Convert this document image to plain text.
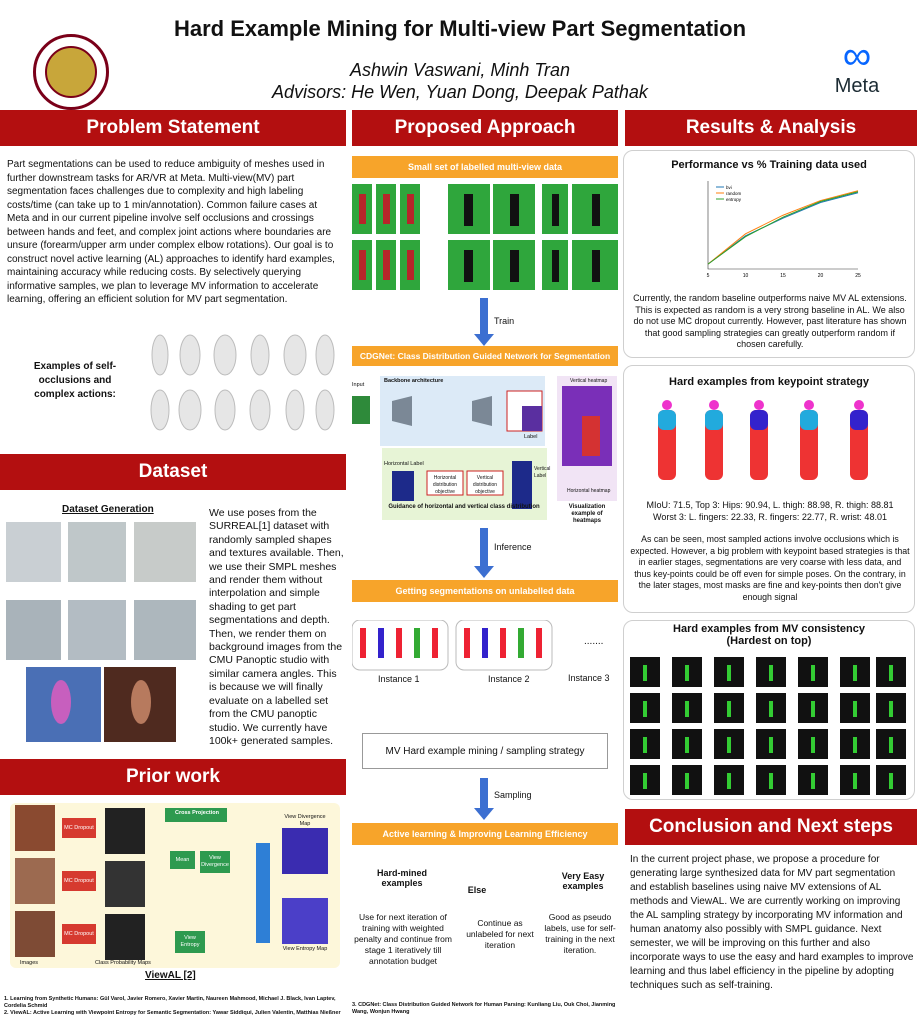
Hard Example Mining for Multi-view Part Segmentation
Ashwin Vaswani, Minh Tran
Advisors: He Wen, Yuan Dong, Deepak Pathak
∞
Meta
Problem Statement
Part segmentations can be used to reduce ambiguity of meshes used in further downstream tasks for AR/VR at Meta. Multi-view(MV) part segmentation faces challenges due to complexity and high labeling costs/time (can take up to 1 min/annotation). Common failure cases at Meta and in our current pipeline involve self occlusions and crossings between hands and feet, and complex joint actions where boundaries are unsure (forearm/upper arm under complex elbow rotations). Our goal is to construct novel active learning (AL) approaches to identify hard examples, maintaining accuracy while reducing costs. By selectively querying informative samples, we plan to leverage MV information to accelerate learning, offering an efficient solution for MV part segmentation.
Examples of self-occlusions and complex actions:
Dataset
Dataset Generation	We use poses from the SURREAL[1] dataset with randomly sampled shapes and textures available. Then, we use their SMPL meshes and render them without interpolation and simple shading to get part segmentations and depth. Then, we render them on background images from the CMU Panoptic studio with similar camera angles. This is because we will finally evaluate on a labelled set from the CMU panoptic studio. We currently have 100k+ generated samples.
Prior work
Cross Projection
Mean	View Divergence
View Entropy
View Divergence Map
View Entropy Map
Images	Class Probability Maps
MC Dropout
MC Dropout
MC Dropout
ViewAL [2]
1. Learning from Synthetic Humans: Gül Varol, Javier Romero, Xavier Martin, Naureen Mahmood, Michael J. Black, Ivan Laptev, Cordelia Schmid
2. ViewAL: Active Learning with Viewpoint Entropy for Semantic Segmentation: Yawar Siddiqui, Julien Valentin, Matthias Nießner
Proposed Approach
Small set of labelled multi-view data
Train
CDGNet: Class Distribution Guided Network for Segmentation
Input
Backbone architecture
Horizontal Label
Horizontal distribution objective
Vertical distribution objective
Vertical Label
Label
Guidance of horizontal and vertical class distribution	Visualization example of heatmaps
Vertical heatmap
Horizontal heatmap
Inference
Getting segmentations on unlabelled data
.......
Instance 1	Instance 2	Instance 3
MV Hard example mining / sampling strategy
Sampling
Active learning & Improving Learning Efficiency
Hard-mined examples
Else
Very Easy examples
Use for next iteration of training with weighted penalty and continue from stage 1 iteratively till annotation budget
Continue as unlabeled for next iteration
Good as pseudo labels, use for self-training in the next iteration.
3. CDGNet: Class Distribution Guided Network for Human Parsing: Kunliang Liu, Ouk Choi, Jianming Wang, Wonjun Hwang
Results & Analysis
Performance vs % Training data used
5	10	15	20	25
bvi
random
entropy
Currently, the random baseline outperforms naive MV AL extensions. This is expected as random is a very strong baseline in AL. We also do not use MC dropout currently. However, past literature has shown that good sampling strategies can greatly outperform random if chosen carefully.
Hard examples from keypoint strategy
MIoU: 71.5, Top 3: Hips: 90.94, L. thigh: 88.98, R. thigh: 88.81
Worst 3: L. fingers: 22.33, R. fingers: 22.77, R. wrist: 48.01
As can be seen, most sampled actions involve occlusions which is expected. However, a big problem with keypoint based strategies is that in earlier stages, segmentations are very coarse with less data, and thus key-points could be off even for simple poses. On the contrary, in the later stages, most masks are fine and key-points then don't give enough signal
Hard examples from MV consistency
(Hardest on top)
Conclusion and Next steps
In the current project phase, we propose a procedure for generating large synthesized data for MV part segmentation and establish baselines using naive MV extensions of AL methods and ViewAL. We are currently working on improving the AL sampling strategy by incorporating MV information and human anatomy also possibly with SMPL guidance. Next semester, we will be improving on this further and also incorporate ways to use the easy and hard examples to improve learning and thus label efficiency in the pipeline by adopting techniques such as self-training.
